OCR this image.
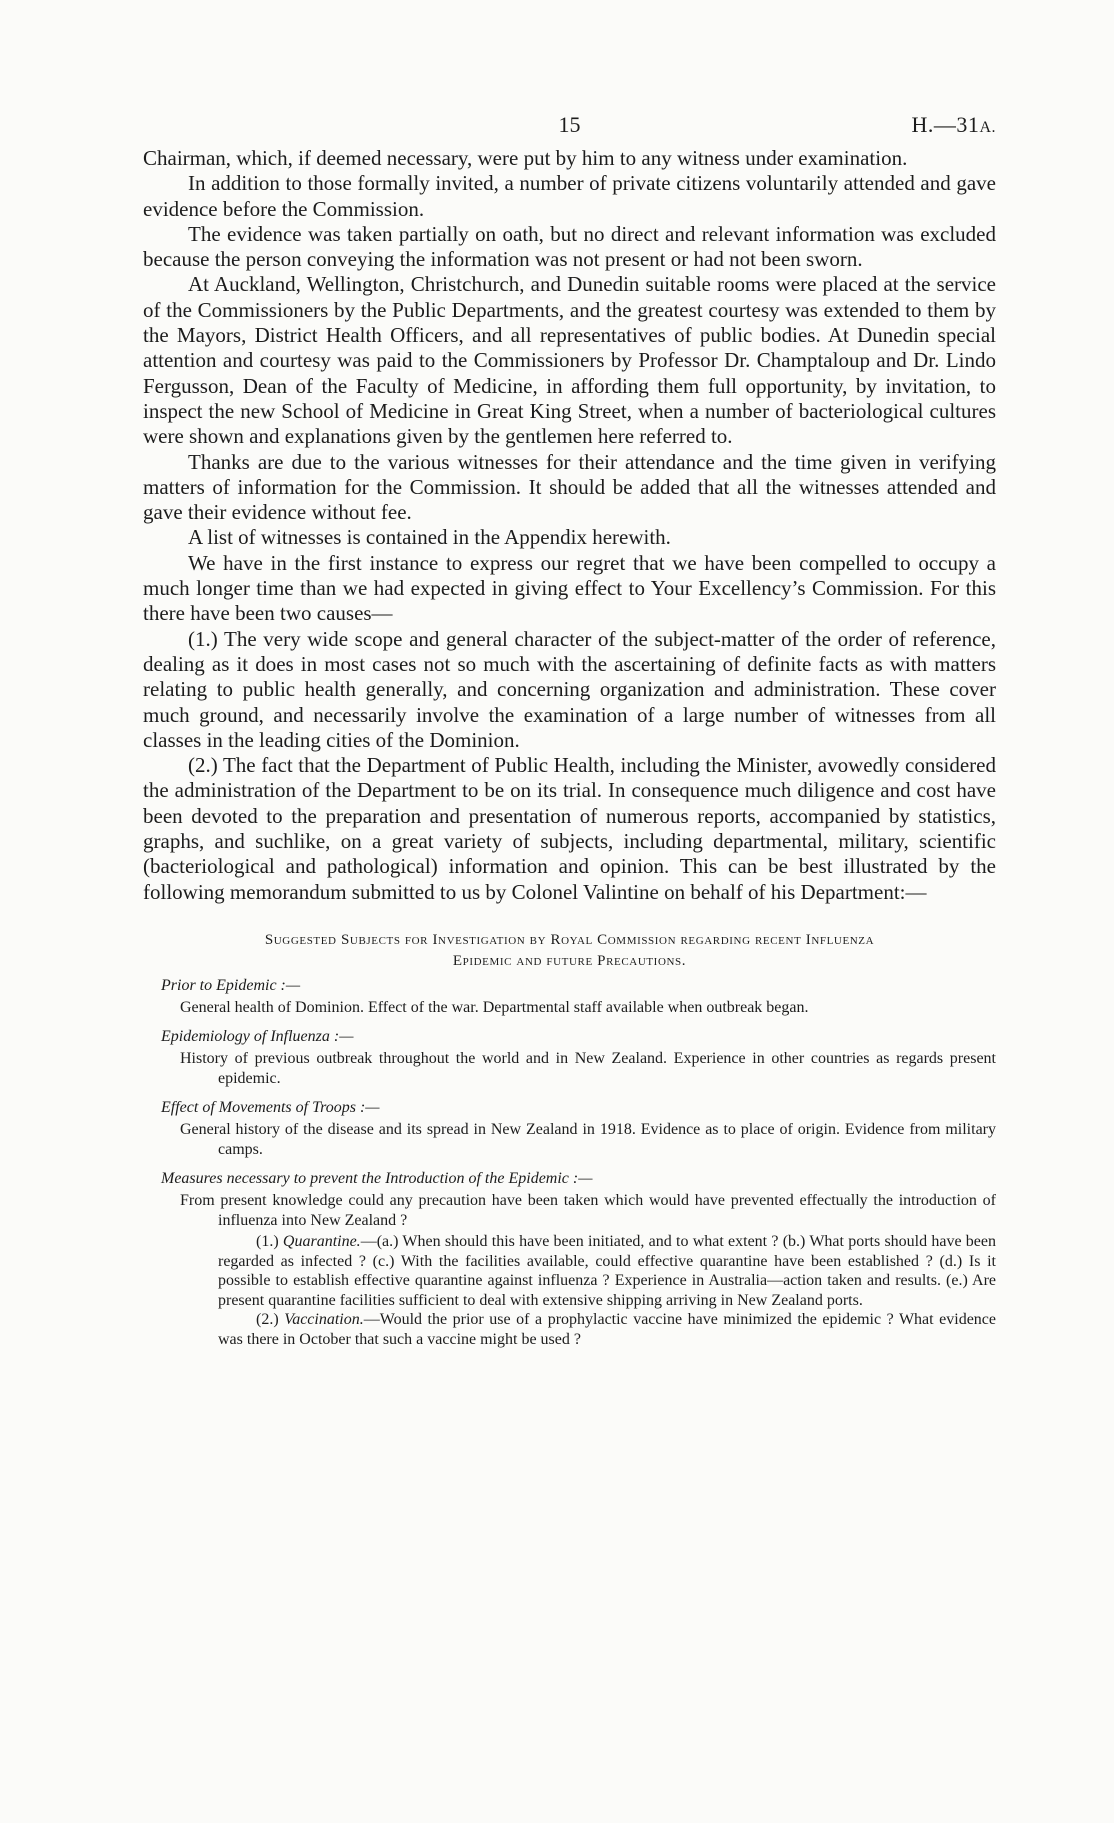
15	H.—31A.

Chairman, which, if deemed necessary, were put by him to any witness under examination.

In addition to those formally invited, a number of private citizens voluntarily attended and gave evidence before the Commission.

The evidence was taken partially on oath, but no direct and relevant information was excluded because the person conveying the information was not present or had not been sworn.

At Auckland, Wellington, Christchurch, and Dunedin suitable rooms were placed at the service of the Commissioners by the Public Departments, and the greatest courtesy was extended to them by the Mayors, District Health Officers, and all representatives of public bodies. At Dunedin special attention and courtesy was paid to the Commissioners by Professor Dr. Champtaloup and Dr. Lindo Fergusson, Dean of the Faculty of Medicine, in affording them full opportunity, by invitation, to inspect the new School of Medicine in Great King Street, when a number of bacteriological cultures were shown and explanations given by the gentlemen here referred to.

Thanks are due to the various witnesses for their attendance and the time given in verifying matters of information for the Commission. It should be added that all the witnesses attended and gave their evidence without fee.

A list of witnesses is contained in the Appendix herewith.

We have in the first instance to express our regret that we have been compelled to occupy a much longer time than we had expected in giving effect to Your Excellency’s Commission. For this there have been two causes—

(1.) The very wide scope and general character of the subject-matter of the order of reference, dealing as it does in most cases not so much with the ascertaining of definite facts as with matters relating to public health generally, and concerning organization and administration. These cover much ground, and necessarily involve the examination of a large number of witnesses from all classes in the leading cities of the Dominion.

(2.) The fact that the Department of Public Health, including the Minister, avowedly considered the administration of the Department to be on its trial. In consequence much diligence and cost have been devoted to the preparation and presentation of numerous reports, accompanied by statistics, graphs, and suchlike, on a great variety of subjects, including departmental, military, scientific (bacteriological and pathological) information and opinion. This can be best illustrated by the following memorandum submitted to us by Colonel Valintine on behalf of his Department:—

Suggested Subjects for Investigation by Royal Commission regarding recent Influenza
Epidemic and future Precautions.
Prior to Epidemic :—
General health of Dominion. Effect of the war. Departmental staff available when outbreak began.
Epidemiology of Influenza :—
History of previous outbreak throughout the world and in New Zealand. Experience in other countries as regards present epidemic.
Effect of Movements of Troops :—
General history of the disease and its spread in New Zealand in 1918. Evidence as to place of origin. Evidence from military camps.
Measures necessary to prevent the Introduction of the Epidemic :—
From present knowledge could any precaution have been taken which would have prevented effectually the introduction of influenza into New Zealand ?

(1.) Quarantine.—(a.) When should this have been initiated, and to what extent ? (b.) What ports should have been regarded as infected ? (c.) With the facilities available, could effective quarantine have been established ? (d.) Is it possible to establish effective quarantine against influenza ? Experience in Australia—action taken and results. (e.) Are present quarantine facilities sufficient to deal with extensive shipping arriving in New Zealand ports.

(2.) Vaccination.—Would the prior use of a prophylactic vaccine have minimized the epidemic ? What evidence was there in October that such a vaccine might be used ?
